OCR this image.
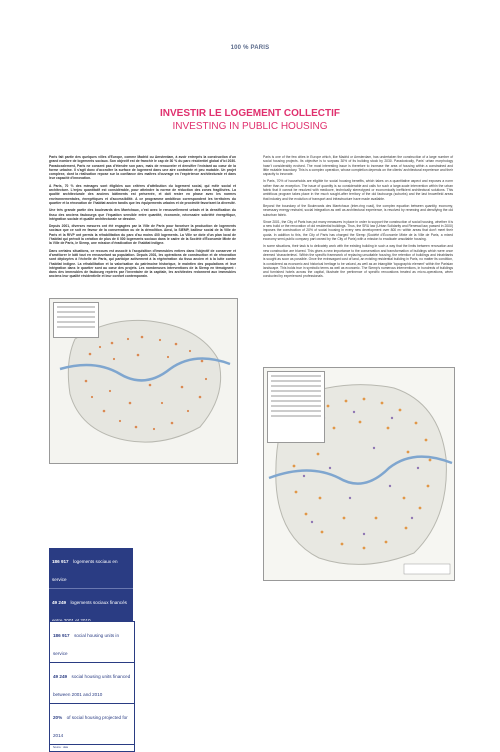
100 % PARIS
INVESTIR LE LOGEMENT COLLECTIF
INVESTING IN PUBLIC HOUSING

Paris fait partie des quelques villes d'Europe, comme Madrid ou Amsterdam, à avoir entrepris la construction d'un grand nombre de logements sociaux. Son objectif est de franchir le cap de 30 % du parc résidentiel global d'ici 2030. Paradoxalement, Paris ne consent pas d'étendre son parc, mais de renouveler et densifier l'existant au cœur de la forme urbaine. Il s'agit donc d'accroître la surface de logement dans une aire contrainte et peu mutable. Un projet complexe, dont la réalisation repose sur la confiance des maîtres d'ouvrage en l'expérience architecturale et dans leur capacité d'innovation.

A Paris, 70 % des ménages sont éligibles aux critères d'attribution du logement social, qui mêle social et architecture. L'enjeu quantitatif est considérable, pour atteindre la norme de réduction des zones fragilisées. La qualité architecturale des anciens bâtiments est préservée, et doit rester en phase avec les normes environnementales, énergétiques et d'accessibilité. A ce programme ambitieux correspondent les territoires du quartier et la rénovation de l'habitat ancien tandis que les équipements urbains et de proximité favorisent la diversité.

Une très grande partie des boulevards des Maréchaux, c'est avec le renouvellement urbain et la densification du tissu des anciens faubourgs que l'équation sensible entre quantité, économie, nécessaire sobriété énergétique, intégration sociale et qualité architecturale se dessine.

Depuis 2001, diverses mesures ont été engagées par la Ville de Paris pour favoriser la production de logements sociaux que ce soit en faveur de la conservation ou de la démolition. Ainsi, la SIEMP, bailleur social de la Ville de Paris et la RIVP ont permis la réhabilitation du parc d'au moins 400 logements. La Ville se dote d'un plan local de l'habitat qui prévoit la création de plus de 6 000 logements sociaux dans le cadre de la Société d'Économie Mixte de la Ville de Paris, le Siemp, une mission d'éradication de l'habitat indigne.

Dans certains situations, ce recours est associé à l'acquisition d'immeubles entiers dans l'objectif de conserver et d'améliorer le bâti tout en renouvelant sa population. Depuis 2001, les opérations de construction et de rénovation sont déployées à l'échelle de Paris, qui participe activement à la régénération du tissu ancien et à la lutte contre l'habitat indigne. La réhabilitation et la valorisation du patrimoine historique, le maintien des populations et leur intégration dans le quartier sont au cœur des projets. Les nombreuses interventions de la Siemp en témoignent : dans des immeubles de faubourg repérés par l'inventaire de la capitale, les architectes redonnent aux immeubles anciens leur qualité résidentielle et leur confort contemporain.

Paris is one of the few cities in Europe which, like Madrid or Amsterdam, has undertaken the construction of a large number of social housing projects. Its objective is to surpass 30% of its building stock by 2030. Paradoxically, Paris' urban morphology hasn't considerably evolved. The most interesting issue is therefore to increase the area of housing within a constrained and little mutable boundary. This is a complex operation, whose completion depends on the clients' architectural experience and their capacity to innovate.

In Paris, 70% of households are eligible for social housing benefits, which takes on a quantitative aspect and exposes a norm rather than an exception. The issue of quantity is so considerable and calls for such a large-scale intervention within the urban fabric that it cannot be resolved with mediocre, technically stereotyped or economically inefficient architectural solutions. This ambitious program takes place in the much sought-after territory of the old faubourgs (suburbs) and the last brownfield areas that industry and the evolution of transport and infrastructure have made available.

Beyond the boundary of the Boulevards des Maréchaux (inter-ring road), the complex equation between quantity, economy, necessary energy restraint, social integration as well as architectural experience, is resolved by renewing and densifying the old suburban fabric.

Since 2001, the City of Paris has put many measures in place in order to support the construction of social housing, whether it is a new build or the renovation of old residential buildings. Thus, the SRU law (Urban Solidarity and Renewal law, passed in 2000) imposes the construction of 20% of social housing in every new development over 800 m² within areas that don't meet their quota. In addition to this, the City of Paris has charged the Siemp (Société d'Économie Mixte de la Ville de Paris, a mixed economy semi-public company part owned by the City of Paris) with a mission to eradicate unsuitable housing.

In some situations, their task is to delicately work with the existing building in such a way that the limits between renovation and new construction are blurred. This gives a new importance to the conservation and transformation of buildings which were once deemed 'characterless'. Within the specific framework of replacing unsuitable housing, the retention of buildings and inhabitants is sought as soon as possible. Once the extravagant cost of land, an existing residential building in Paris, no matter its condition, is considered as economic and historical heritage to be valued, as well as an intangible 'topographic element' within the Parisian landscape. This holds true in symbolic terms as well as economic. The Siemp's numerous interventions, in hundreds of buildings and furnished hotels across the capital, illustrate the pertinence of specific renovations treated as micro-operations, when conducted by experienced professionals.

186 917 logements sociaux en service
49 249 logements sociaux financés
186 917 social housing units in service
49 249 social housing units financed between 2001 and 2010
20% of social housing projected for 2014
Source : data
